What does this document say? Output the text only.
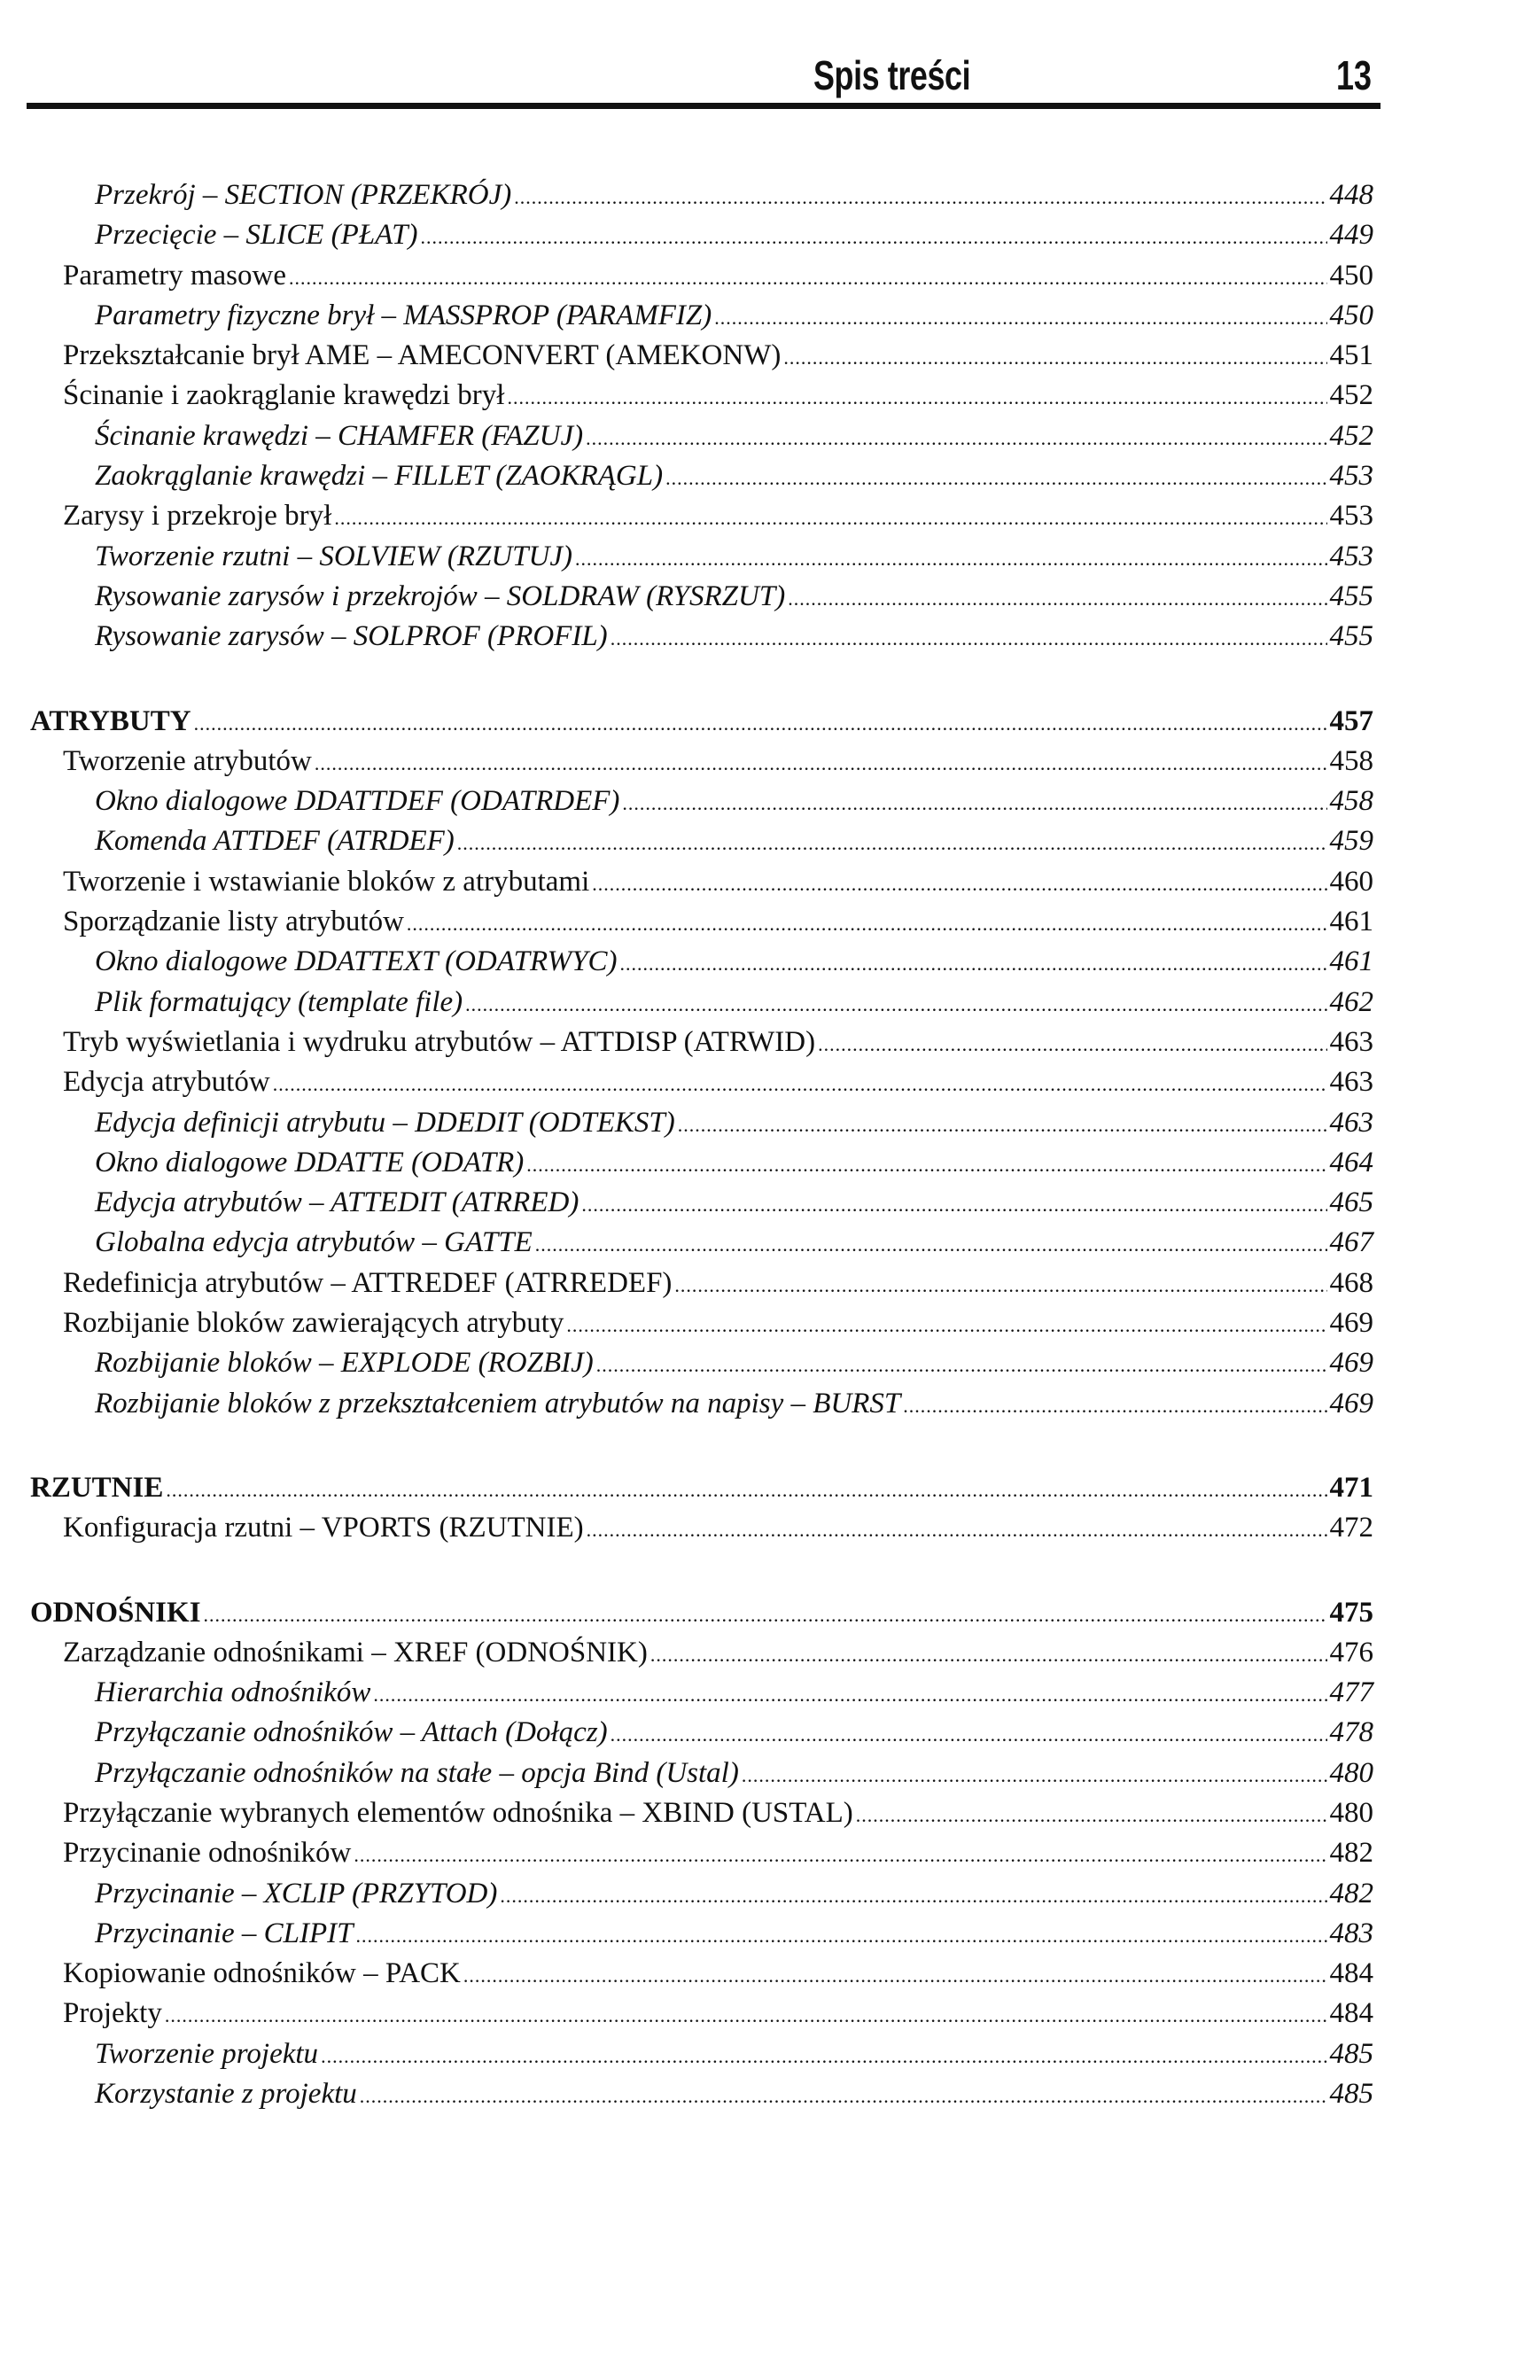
Spis treści	13
Przekrój – SECTION (PRZEKRÓJ) .....	448
Przecięcie – SLICE (PŁAT) .....	449
Parametry masowe .....	450
Parametry fizyczne brył – MASSPROP (PARAMFIZ) .....	450
Przekształcanie brył AME – AMECONVERT (AMEKONW) .....	451
Ścinanie i zaokrąglanie krawędzi brył .....	452
Ścinanie krawędzi – CHAMFER (FAZUJ) .....	452
Zaokrąglanie krawędzi – FILLET (ZAOKRĄGL) .....	453
Zarysy i przekroje brył .....	453
Tworzenie rzutni – SOLVIEW (RZUTUJ) .....	453
Rysowanie zarysów i przekrojów – SOLDRAW (RYSRZUT) .....	455
Rysowanie zarysów – SOLPROF (PROFIL) .....	455
ATRYBUTY .....	457
Tworzenie atrybutów .....	458
Okno dialogowe DDATTDEF (ODATRDEF) .....	458
Komenda ATTDEF (ATRDEF) .....	459
Tworzenie i wstawianie bloków z atrybutami .....	460
Sporządzanie listy atrybutów .....	461
Okno dialogowe DDATTEXT (ODATRWYC) .....	461
Plik formatujący (template file) .....	462
Tryb wyświetlania i wydruku atrybutów – ATTDISP (ATRWID) .....	463
Edycja atrybutów .....	463
Edycja definicji atrybutu – DDEDIT (ODTEKST) .....	463
Okno dialogowe DDATTE (ODATR) .....	464
Edycja atrybutów – ATTEDIT (ATRRED) .....	465
Globalna edycja atrybutów – GATTE .....	467
Redefinicja atrybutów – ATTREDEF (ATRREDEF) .....	468
Rozbijanie bloków zawierających atrybuty .....	469
Rozbijanie bloków – EXPLODE (ROZBIJ) .....	469
Rozbijanie bloków z przekształceniem atrybutów na napisy – BURST .....	469
RZUTNIE .....	471
Konfiguracja rzutni – VPORTS (RZUTNIE) .....	472
ODNOŚNIKI .....	475
Zarządzanie odnośnikami – XREF (ODNOŚNIK) .....	476
Hierarchia odnośników .....	477
Przyłączanie odnośników – Attach (Dołącz) .....	478
Przyłączanie odnośników na stałe – opcja Bind (Ustal) .....	480
Przyłączanie wybranych elementów odnośnika – XBIND (USTAL) .....	480
Przycinanie odnośników .....	482
Przycinanie – XCLIP (PRZYTOD) .....	482
Przycinanie – CLIPIT .....	483
Kopiowanie odnośników – PACK .....	484
Projekty .....	484
Tworzenie projektu .....	485
Korzystanie z projektu .....	485
